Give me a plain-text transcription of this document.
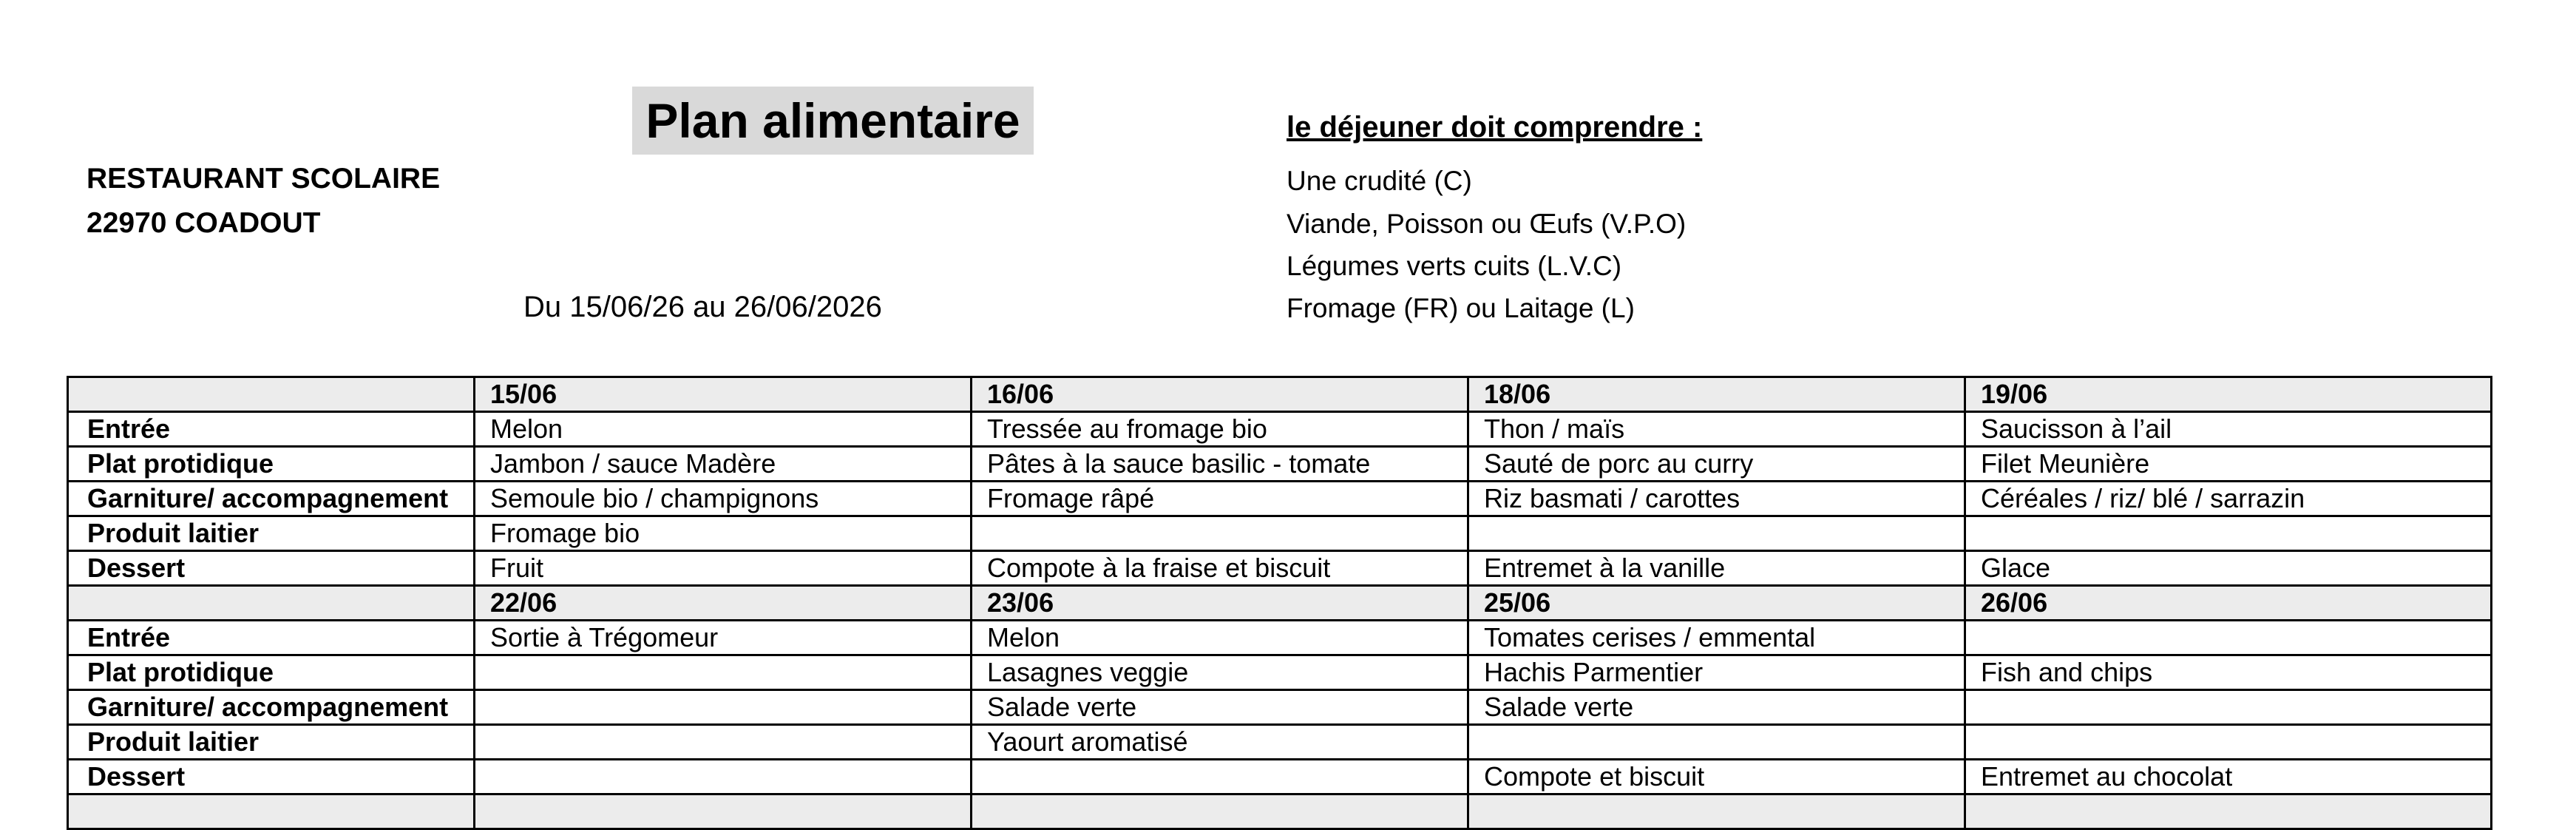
Plan alimentaire
RESTAURANT SCOLAIRE
22970 COADOUT
Du 15/06/26 au 26/06/2026
le déjeuner doit comprendre :
Une crudité (C)
Viande, Poisson ou Œufs (V.P.O)
Légumes verts cuits (L.V.C)
Fromage (FR) ou Laitage (L)
	15/06	16/06	18/06	19/06
Entrée	Melon	Tressée au fromage bio	Thon / maïs	Saucisson à l’ail
Plat protidique	Jambon / sauce Madère	Pâtes à la sauce basilic - tomate	Sauté de porc au curry	Filet Meunière
Garniture/ accompagnement	Semoule bio / champignons	Fromage râpé	Riz basmati / carottes	Céréales / riz/ blé / sarrazin
Produit laitier	Fromage bio			
Dessert	Fruit	Compote à la fraise et biscuit	Entremet à la vanille	Glace
	22/06	23/06	25/06	26/06
Entrée	Sortie à Trégomeur	Melon	Tomates cerises / emmental	
Plat protidique		Lasagnes veggie	Hachis Parmentier	Fish and chips
Garniture/ accompagnement		Salade verte	Salade verte	
Produit laitier		Yaourt aromatisé		
Dessert			Compote et biscuit	Entremet au chocolat
